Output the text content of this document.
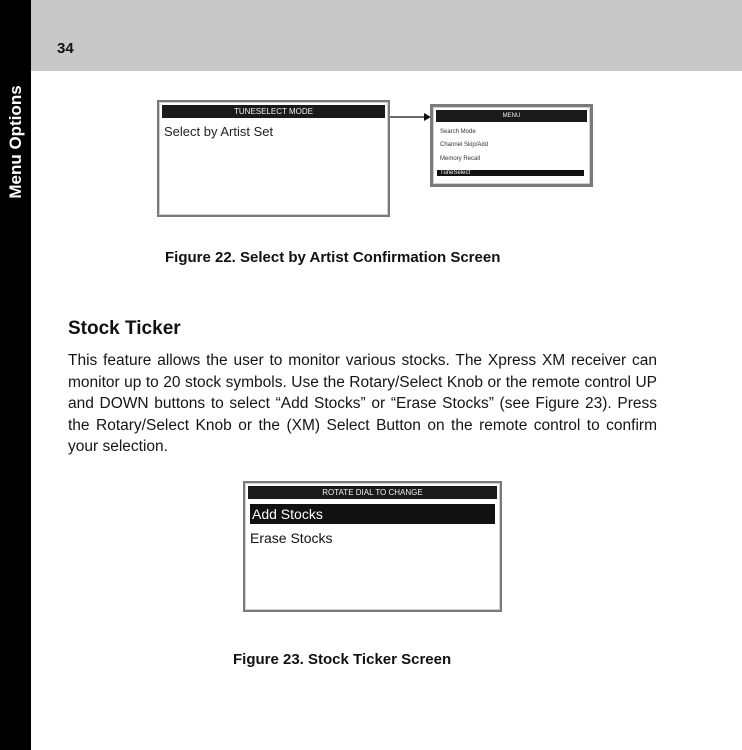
Menu Options
34
TUNESELECT MODE
Select by Artist Set
MENU
Search Mode
Channel Skip/Add
Memory Recall
TuneSelect
Figure 22. Select by Artist Confirmation Screen
Stock Ticker
This feature allows the user to monitor various stocks. The Xpress XM receiver can monitor up to 20 stock symbols. Use the Rotary/Select Knob or the remote control UP and DOWN buttons to select “Add Stocks” or “Erase Stocks” (see Figure 23). Press the Rotary/Select Knob or the (XM) Select Button on the remote control to confirm your selection.
ROTATE DIAL TO CHANGE
Add Stocks
Erase Stocks
Figure 23. Stock Ticker Screen
